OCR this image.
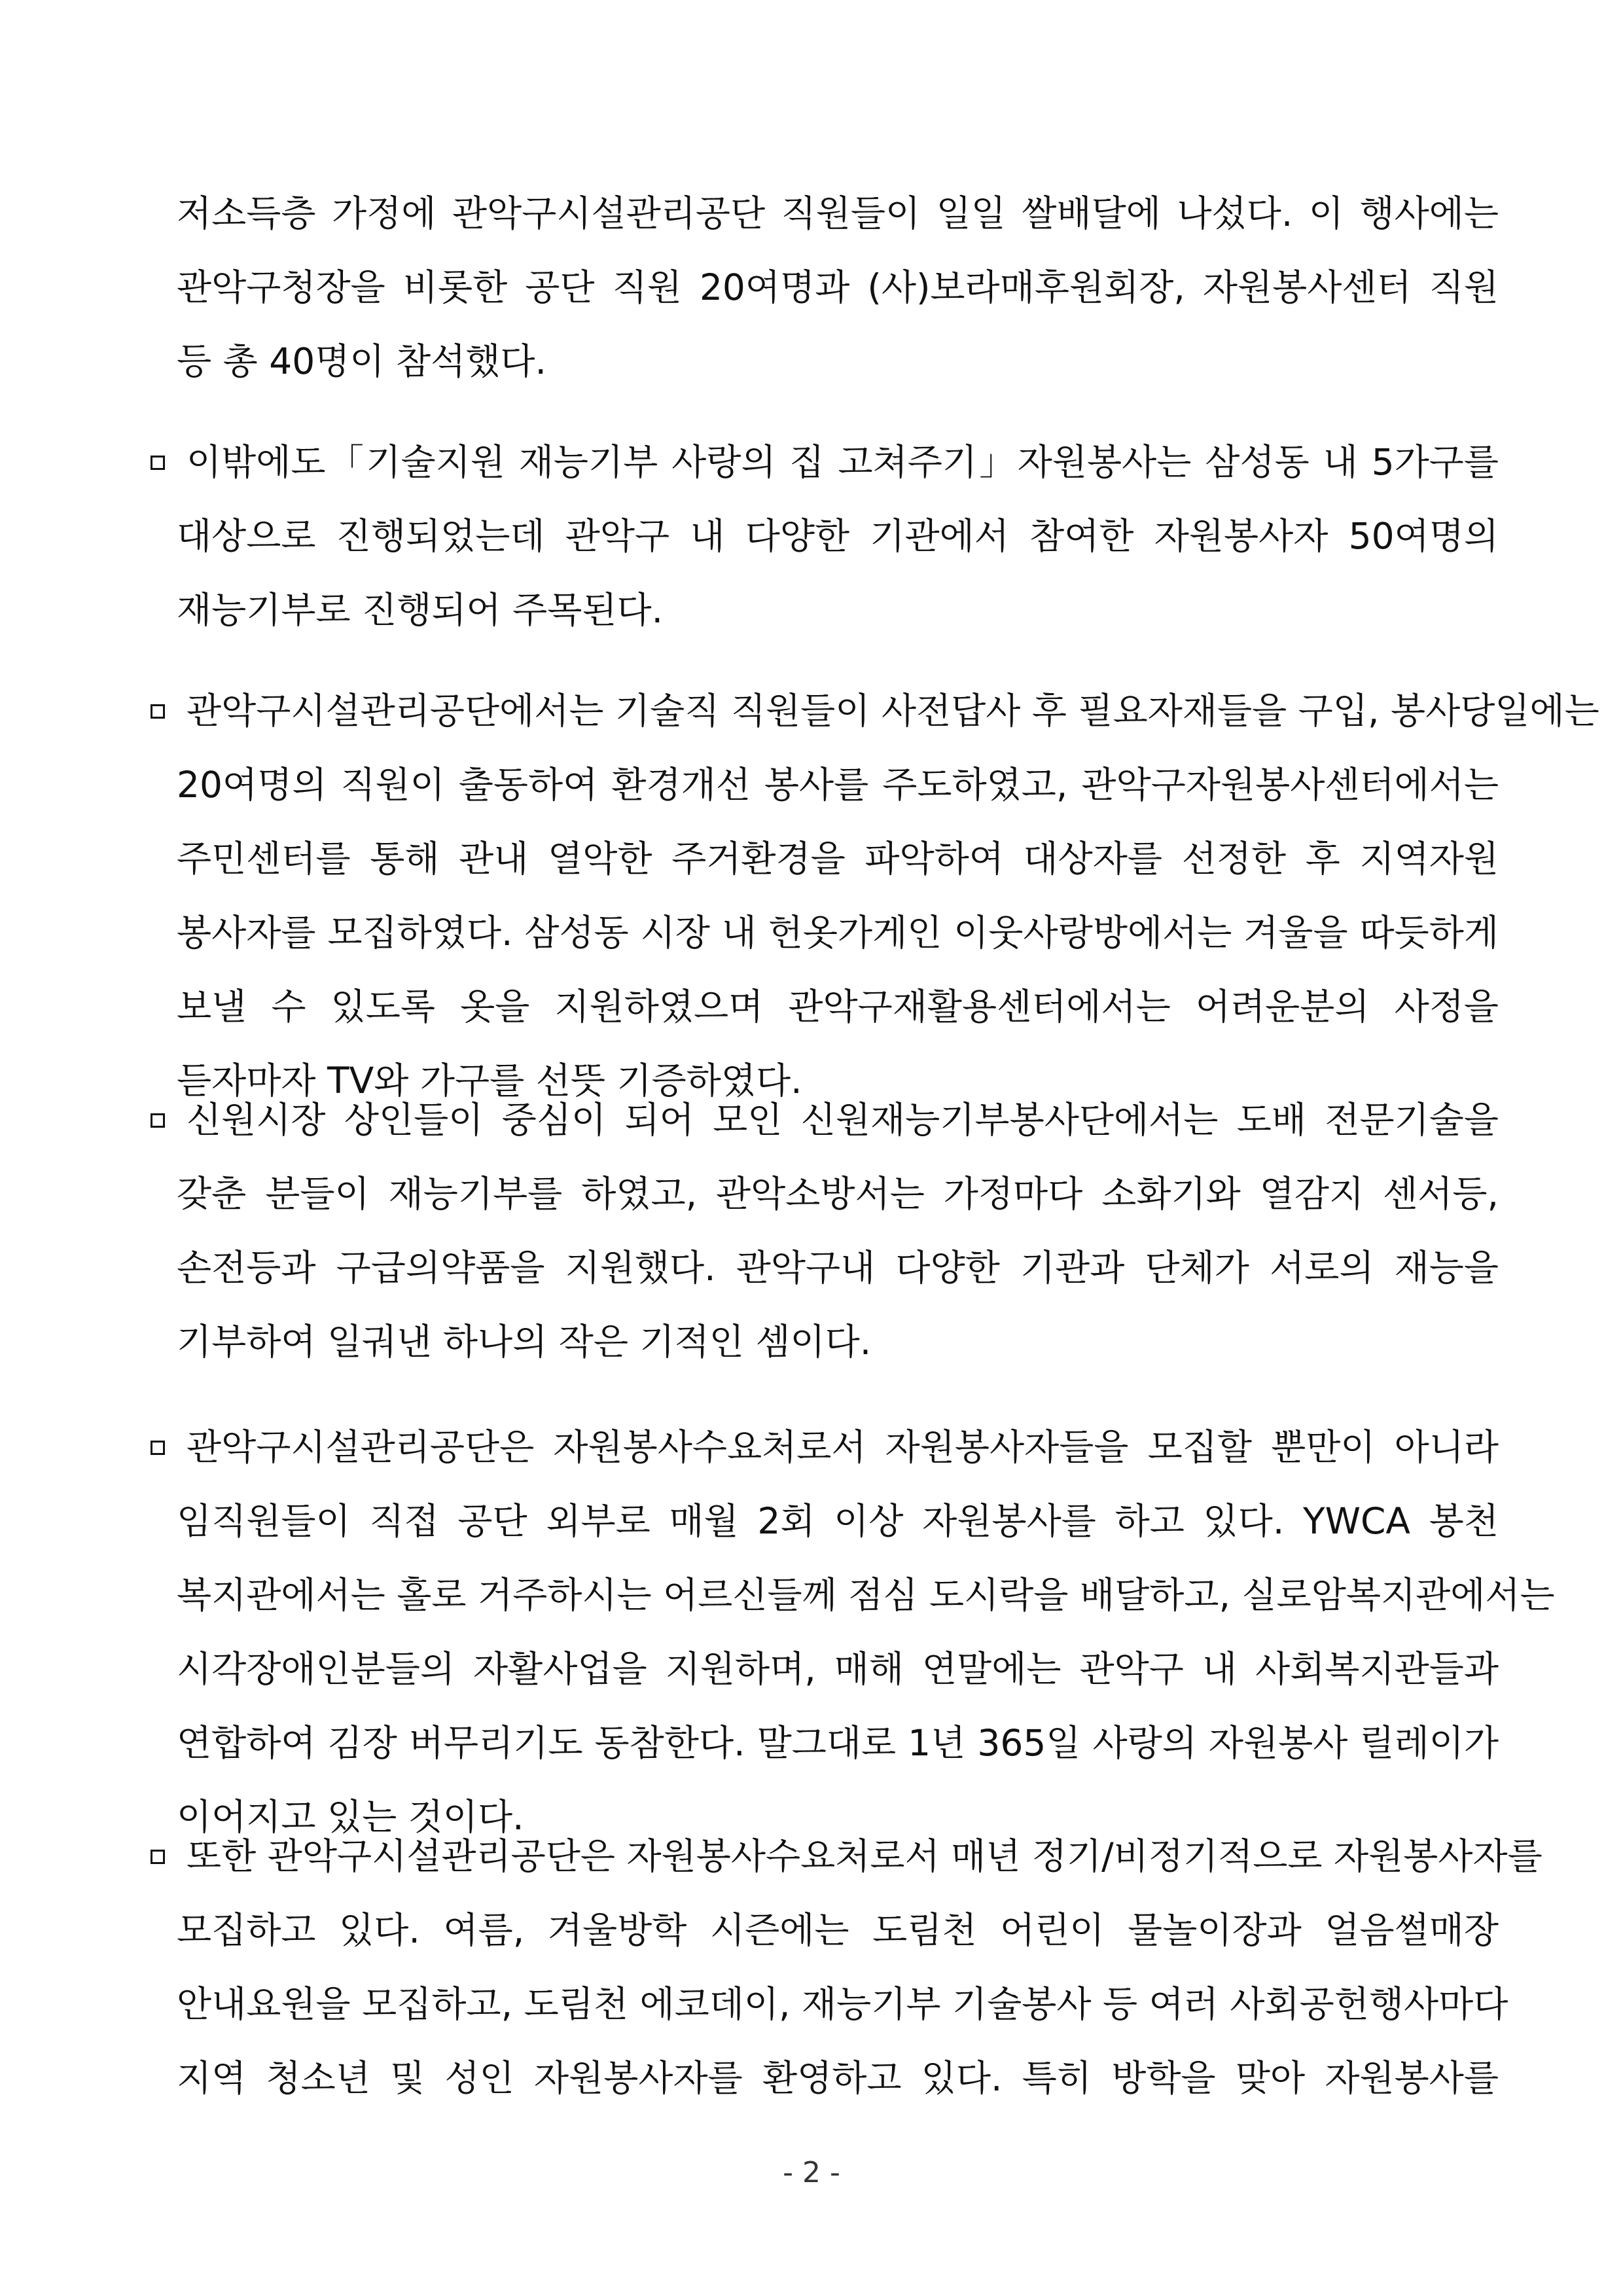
저소득층 가정에 관악구시설관리공단 직원들이 일일 쌀배달에 나섰다. 이 행사에는
관악구청장을 비롯한 공단 직원 20여명과 (사)보라매후원회장, 자원봉사센터 직원
등 총 40명이 참석했다.
이밖에도「기술지원 재능기부 사랑의 집 고쳐주기」자원봉사는 삼성동 내 5가구를
대상으로 진행되었는데 관악구 내 다양한 기관에서 참여한 자원봉사자 50여명의
재능기부로 진행되어 주목된다.
관악구시설관리공단에서는 기술직 직원들이 사전답사 후 필요자재들을 구입, 봉사당일에는
20여명의 직원이 출동하여 환경개선 봉사를 주도하였고, 관악구자원봉사센터에서는
주민센터를 통해 관내 열악한 주거환경을 파악하여 대상자를 선정한 후 지역자원
봉사자를 모집하였다. 삼성동 시장 내 헌옷가게인 이웃사랑방에서는 겨울을 따듯하게
보낼 수 있도록 옷을 지원하였으며 관악구재활용센터에서는 어려운분의 사정을
듣자마자 TV와 가구를 선뜻 기증하였다.
신원시장 상인들이 중심이 되어 모인 신원재능기부봉사단에서는 도배 전문기술을
갖춘 분들이 재능기부를 하였고, 관악소방서는 가정마다 소화기와 열감지 센서등,
손전등과 구급의약품을 지원했다. 관악구내 다양한 기관과 단체가 서로의 재능을
기부하여 일궈낸 하나의 작은 기적인 셈이다.
관악구시설관리공단은 자원봉사수요처로서 자원봉사자들을 모집할 뿐만이 아니라
임직원들이 직접 공단 외부로 매월 2회 이상 자원봉사를 하고 있다. YWCA 봉천
복지관에서는 홀로 거주하시는 어르신들께 점심 도시락을 배달하고, 실로암복지관에서는
시각장애인분들의 자활사업을 지원하며, 매해 연말에는 관악구 내 사회복지관들과
연합하여 김장 버무리기도 동참한다. 말그대로 1년 365일 사랑의 자원봉사 릴레이가
이어지고 있는 것이다.
또한 관악구시설관리공단은 자원봉사수요처로서 매년 정기/비정기적으로 자원봉사자를
모집하고 있다. 여름, 겨울방학 시즌에는 도림천 어린이 물놀이장과 얼음썰매장
안내요원을 모집하고, 도림천 에코데이, 재능기부 기술봉사 등 여러 사회공헌행사마다
지역 청소년 및 성인 자원봉사자를 환영하고 있다. 특히 방학을 맞아 자원봉사를
- 2 -
